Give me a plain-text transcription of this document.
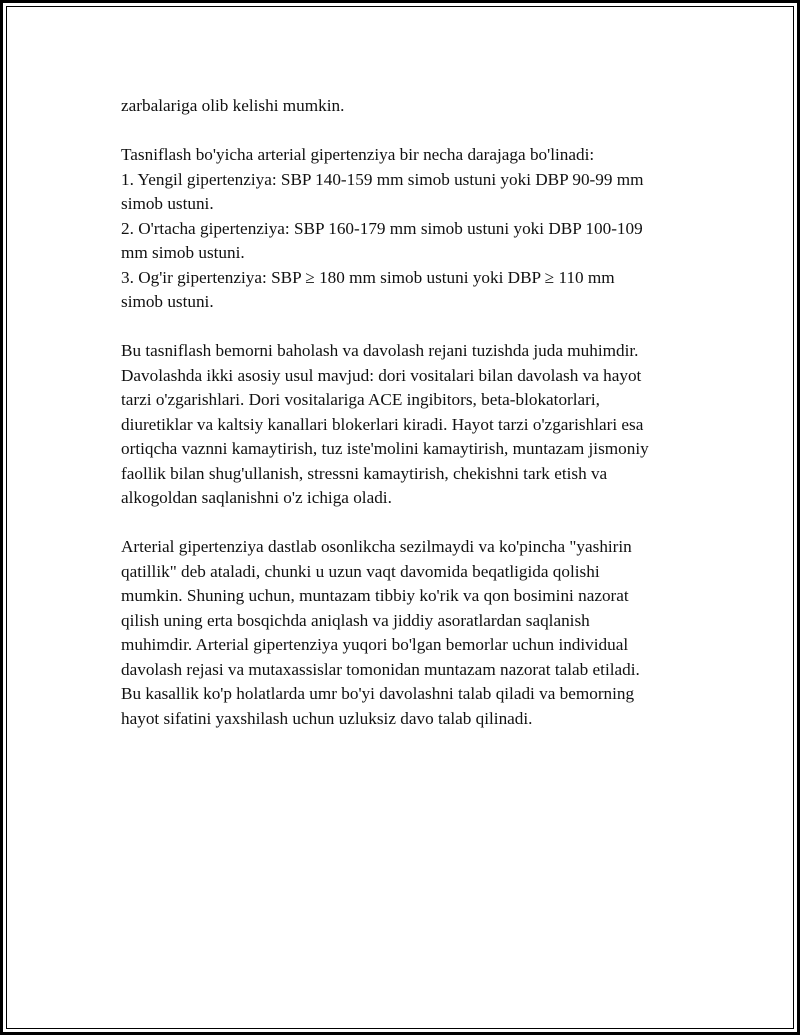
zarbalariga olib kelishi mumkin.

Tasniflash bo'yicha arterial gipertenziya bir necha darajaga bo'linadi:
1. Yengil gipertenziya: SBP 140-159 mm simob ustuni yoki DBP 90-99 mm
simob ustuni.
2. O'rtacha gipertenziya: SBP 160-179 mm simob ustuni yoki DBP 100-109
mm simob ustuni.
3. Og'ir gipertenziya: SBP ≥ 180 mm simob ustuni yoki DBP ≥ 110 mm
simob ustuni.

Bu tasniflash bemorni baholash va davolash rejani tuzishda juda muhimdir.
Davolashda ikki asosiy usul mavjud: dori vositalari bilan davolash va hayot
tarzi o'zgarishlari. Dori vositalariga ACE ingibitors, beta-blokatorlari,
diuretiklar va kaltsiy kanallari blokerlari kiradi. Hayot tarzi o'zgarishlari esa
ortiqcha vaznni kamaytirish, tuz iste'molini kamaytirish, muntazam jismoniy
faollik bilan shug'ullanish, stressni kamaytirish, chekishni tark etish va
alkogoldan saqlanishni o'z ichiga oladi.

Arterial gipertenziya dastlab osonlikcha sezilmaydi va ko'pincha "yashirin
qatillik" deb ataladi, chunki u uzun vaqt davomida beqatligida qolishi
mumkin. Shuning uchun, muntazam tibbiy ko'rik va qon bosimini nazorat
qilish uning erta bosqichda aniqlash va jiddiy asoratlardan saqlanish
muhimdir. Arterial gipertenziya yuqori bo'lgan bemorlar uchun individual
davolash rejasi va mutaxassislar tomonidan muntazam nazorat talab etiladi.
Bu kasallik ko'p holatlarda umr bo'yi davolashni talab qiladi va bemorning
hayot sifatini yaxshilash uchun uzluksiz davo talab qilinadi.
